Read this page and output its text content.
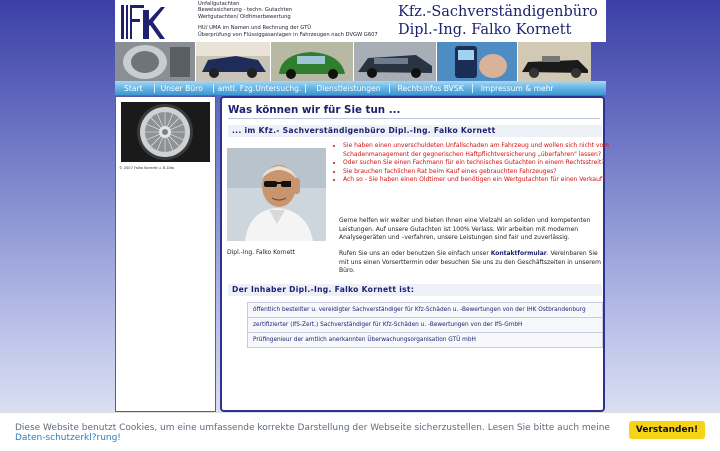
Unfallgutachten
Beweissicherung - techn. Gutachten
Wertgutachten/ Oldtimerbewertung
HU/ UMA im Namen und Rechnung der GTÜ
Überprüfung von Flüssiggasanlagen in Fahrzeugen nach DVGW G607
Kfz.-Sachverständigenbüro
Dipl.-Ing. Falko Kornett
Start	Unser Büro	amtl. Fzg.Untersuchg.	Dienstleistungen	Rechtsinfos BVSK	Impressum & mehr
© 2007 Falko Kornett u. B-Dito
Was können wir für Sie tun ...
... im Kfz.- Sachverständigenbüro Dipl.-Ing. Falko Kornett
Dipl.-Ing. Falko Kornett
• Sie haben einen unverschuldeten Unfallschaden am Fahrzeug und wollen sich nicht vom Schadenmanagement der gegnerischen Haftpflichtversicherung „überfahren" lassen?
• Oder suchen Sie einen Fachmann für ein technisches Gutachten in einem Rechtsstreit?
• Sie brauchen fachlichen Rat beim Kauf eines gebrauchten Fahrzeuges?
• Ach so - Sie haben einen Oldtimer und benötigen ein Wertgutachten für einen Verkauf?

Gerne helfen wir weiter und bieten Ihnen eine Vielzahl an soliden und kompetenten Leistungen. Auf unsere Gutachten ist 100% Verlass. Wir arbeiten mit modernen Analysegeräten und –verfahren, unsere Leistungen sind fair und zuverlässig.

Rufen Sie uns an oder benutzen Sie einfach unser Kontaktformular. Vereinbaren Sie mit uns einen Vorserttermin oder besuchen Sie uns zu den Geschäftszeiten in unserem Büro.

Der Inhaber Dipl.-Ing. Falko Kornett ist:
öffentlich bestellter u. vereidigter Sachverständiger für Kfz-Schäden u. -Bewertungen von der IHK Ostbrandenburg
zertifizierter (IfS-Zert.) Sachverständiger für Kfz-Schäden u. -Bewertungen von der IfS-GmbH
Prüfingenieur der amtlich anerkannten Überwachungsorganisation GTÜ mbH
Diese Website benutzt Cookies, um eine umfassende korrekte Darstellung der Webseite sicherzustellen. Lesen Sie bitte auch meine Daten-schutzerkl?rung!
Verstanden!
